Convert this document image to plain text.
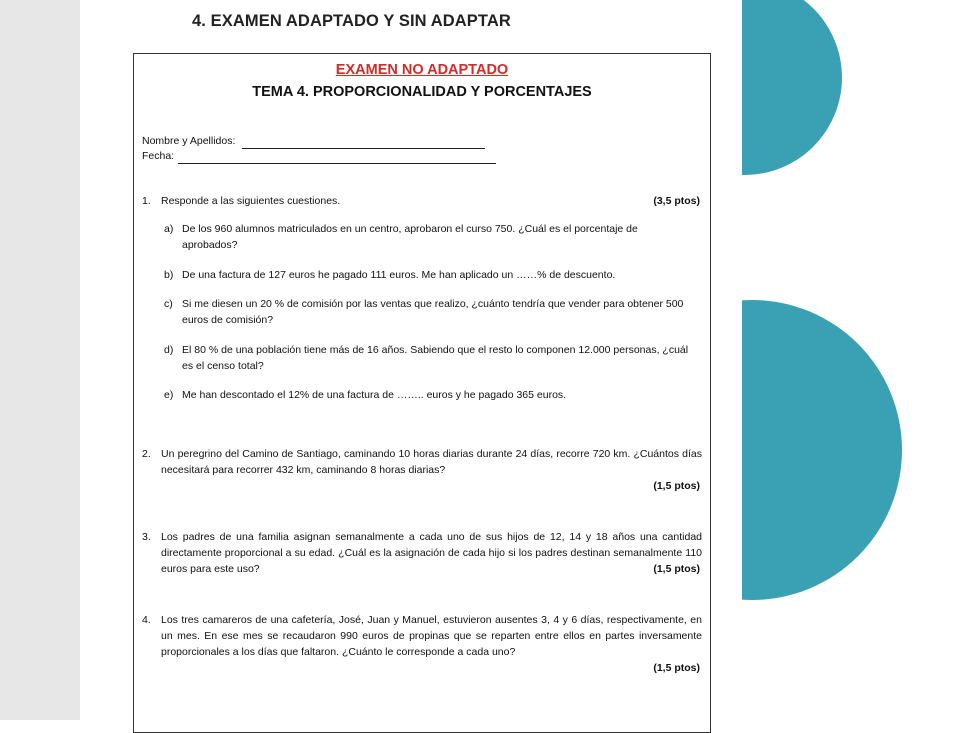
4. EXAMEN ADAPTADO Y SIN ADAPTAR
EXAMEN NO ADAPTADO
TEMA 4. PROPORCIONALIDAD Y PORCENTAJES
Nombre y Apellidos:
Fecha:
1. Responde a las siguientes cuestiones.	(3,5 ptos)
a) De los 960 alumnos matriculados en un centro, aprobaron el curso 750. ¿Cuál es el porcentaje de aprobados?
b) De una factura de 127 euros he pagado 111 euros. Me han aplicado un ……% de descuento.
c) Si me diesen un 20 % de comisión por las ventas que realizo, ¿cuánto tendría que vender para obtener 500 euros de comisión?
d) El 80 % de una población tiene más de 16 años. Sabiendo que el resto lo componen 12.000 personas, ¿cuál es el censo total?
e) Me han descontado el 12% de una factura de …….. euros y he pagado 365 euros.
2. Un peregrino del Camino de Santiago, caminando 10 horas diarias durante 24 días, recorre 720 km. ¿Cuántos días necesitará para recorrer 432 km, caminando 8 horas diarias?
(1,5 ptos)
3. Los padres de una familia asignan semanalmente a cada uno de sus hijos de 12, 14 y 18 años una cantidad directamente proporcional a su edad. ¿Cuál es la asignación de cada hijo si los padres destinan semanalmente 110 euros para este uso?	(1,5 ptos)
4. Los tres camareros de una cafetería, José, Juan y Manuel, estuvieron ausentes 3, 4 y 6 días, respectivamente, en un mes. En ese mes se recaudaron 990 euros de propinas que se reparten entre ellos en partes inversamente proporcionales a los días que faltaron. ¿Cuánto le corresponde a cada uno?
(1,5 ptos)
